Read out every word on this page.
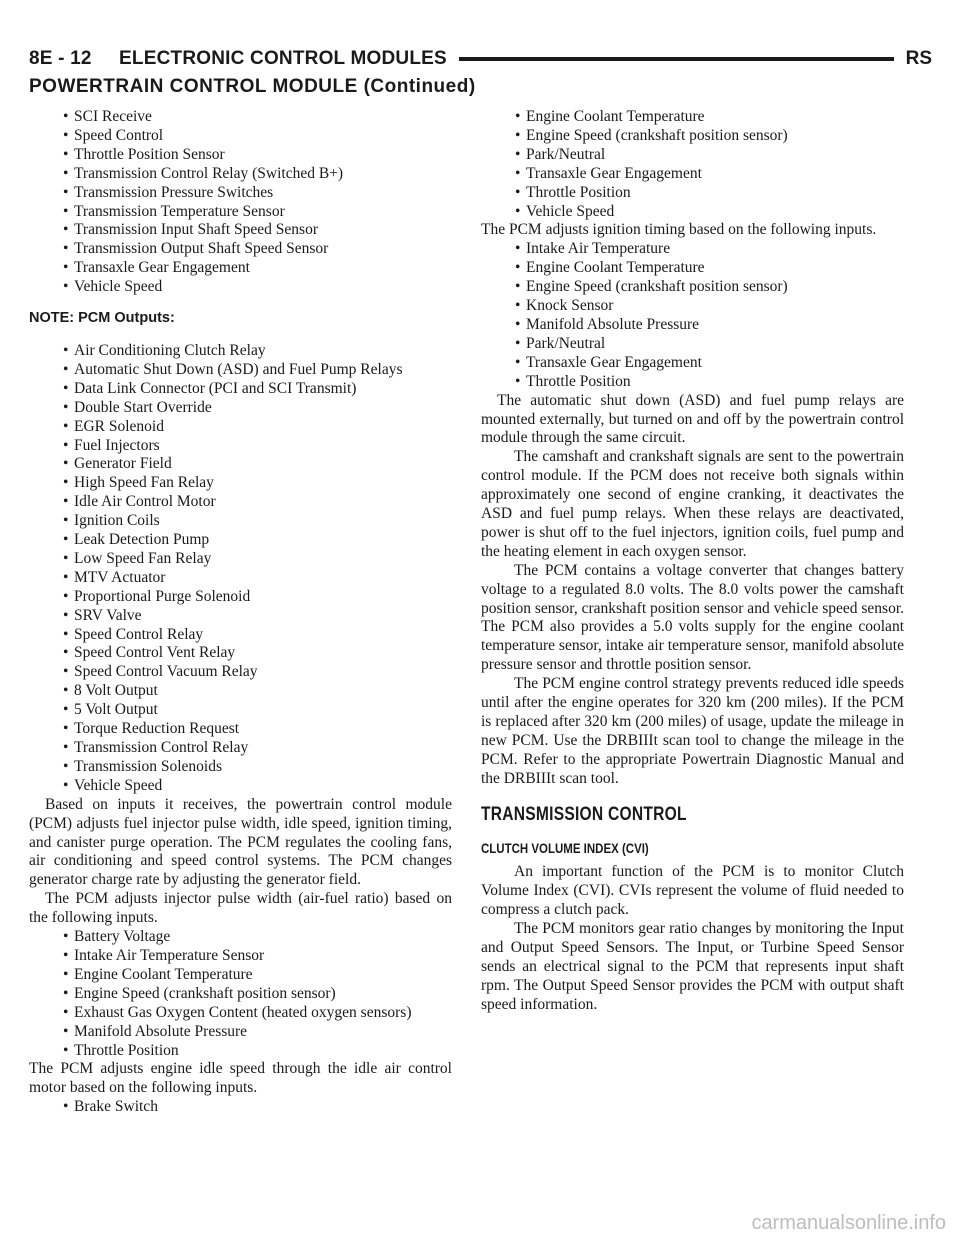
8E - 12     ELECTRONIC CONTROL MODULES	RS
POWERTRAIN CONTROL MODULE (Continued)
• SCI Receive
• Speed Control
• Throttle Position Sensor
• Transmission Control Relay (Switched B+)
• Transmission Pressure Switches
• Transmission Temperature Sensor
• Transmission Input Shaft Speed Sensor
• Transmission Output Shaft Speed Sensor
• Transaxle Gear Engagement
• Vehicle Speed
NOTE: PCM Outputs:
• Air Conditioning Clutch Relay
• Automatic Shut Down (ASD) and Fuel Pump Relays
• Data Link Connector (PCI and SCI Transmit)
• Double Start Override
• EGR Solenoid
• Fuel Injectors
• Generator Field
• High Speed Fan Relay
• Idle Air Control Motor
• Ignition Coils
• Leak Detection Pump
• Low Speed Fan Relay
• MTV Actuator
• Proportional Purge Solenoid
• SRV Valve
• Speed Control Relay
• Speed Control Vent Relay
• Speed Control Vacuum Relay
• 8 Volt Output
• 5 Volt Output
• Torque Reduction Request
• Transmission Control Relay
• Transmission Solenoids
• Vehicle Speed
Based on inputs it receives, the powertrain control module (PCM) adjusts fuel injector pulse width, idle speed, ignition timing, and canister purge operation. The PCM regulates the cooling fans, air conditioning and speed control systems. The PCM changes generator charge rate by adjusting the generator field.
The PCM adjusts injector pulse width (air-fuel ratio) based on the following inputs.
• Battery Voltage
• Intake Air Temperature Sensor
• Engine Coolant Temperature
• Engine Speed (crankshaft position sensor)
• Exhaust Gas Oxygen Content (heated oxygen sensors)
• Manifold Absolute Pressure
• Throttle Position
The PCM adjusts engine idle speed through the idle air control motor based on the following inputs.
• Brake Switch
• Engine Coolant Temperature
• Engine Speed (crankshaft position sensor)
• Park/Neutral
• Transaxle Gear Engagement
• Throttle Position
• Vehicle Speed
The PCM adjusts ignition timing based on the following inputs.
• Intake Air Temperature
• Engine Coolant Temperature
• Engine Speed (crankshaft position sensor)
• Knock Sensor
• Manifold Absolute Pressure
• Park/Neutral
• Transaxle Gear Engagement
• Throttle Position
The automatic shut down (ASD) and fuel pump relays are mounted externally, but turned on and off by the powertrain control module through the same circuit.
The camshaft and crankshaft signals are sent to the powertrain control module. If the PCM does not receive both signals within approximately one second of engine cranking, it deactivates the ASD and fuel pump relays. When these relays are deactivated, power is shut off to the fuel injectors, ignition coils, fuel pump and the heating element in each oxygen sensor.
The PCM contains a voltage converter that changes battery voltage to a regulated 8.0 volts. The 8.0 volts power the camshaft position sensor, crankshaft position sensor and vehicle speed sensor. The PCM also provides a 5.0 volts supply for the engine coolant temperature sensor, intake air temperature sensor, manifold absolute pressure sensor and throttle position sensor.
The PCM engine control strategy prevents reduced idle speeds until after the engine operates for 320 km (200 miles). If the PCM is replaced after 320 km (200 miles) of usage, update the mileage in new PCM. Use the DRBIIIt scan tool to change the mileage in the PCM. Refer to the appropriate Powertrain Diagnostic Manual and the DRBIIIt scan tool.
TRANSMISSION CONTROL
CLUTCH VOLUME INDEX (CVI)
An important function of the PCM is to monitor Clutch Volume Index (CVI). CVIs represent the volume of fluid needed to compress a clutch pack.
The PCM monitors gear ratio changes by monitoring the Input and Output Speed Sensors. The Input, or Turbine Speed Sensor sends an electrical signal to the PCM that represents input shaft rpm. The Output Speed Sensor provides the PCM with output shaft speed information.
carmanualsonline.info
